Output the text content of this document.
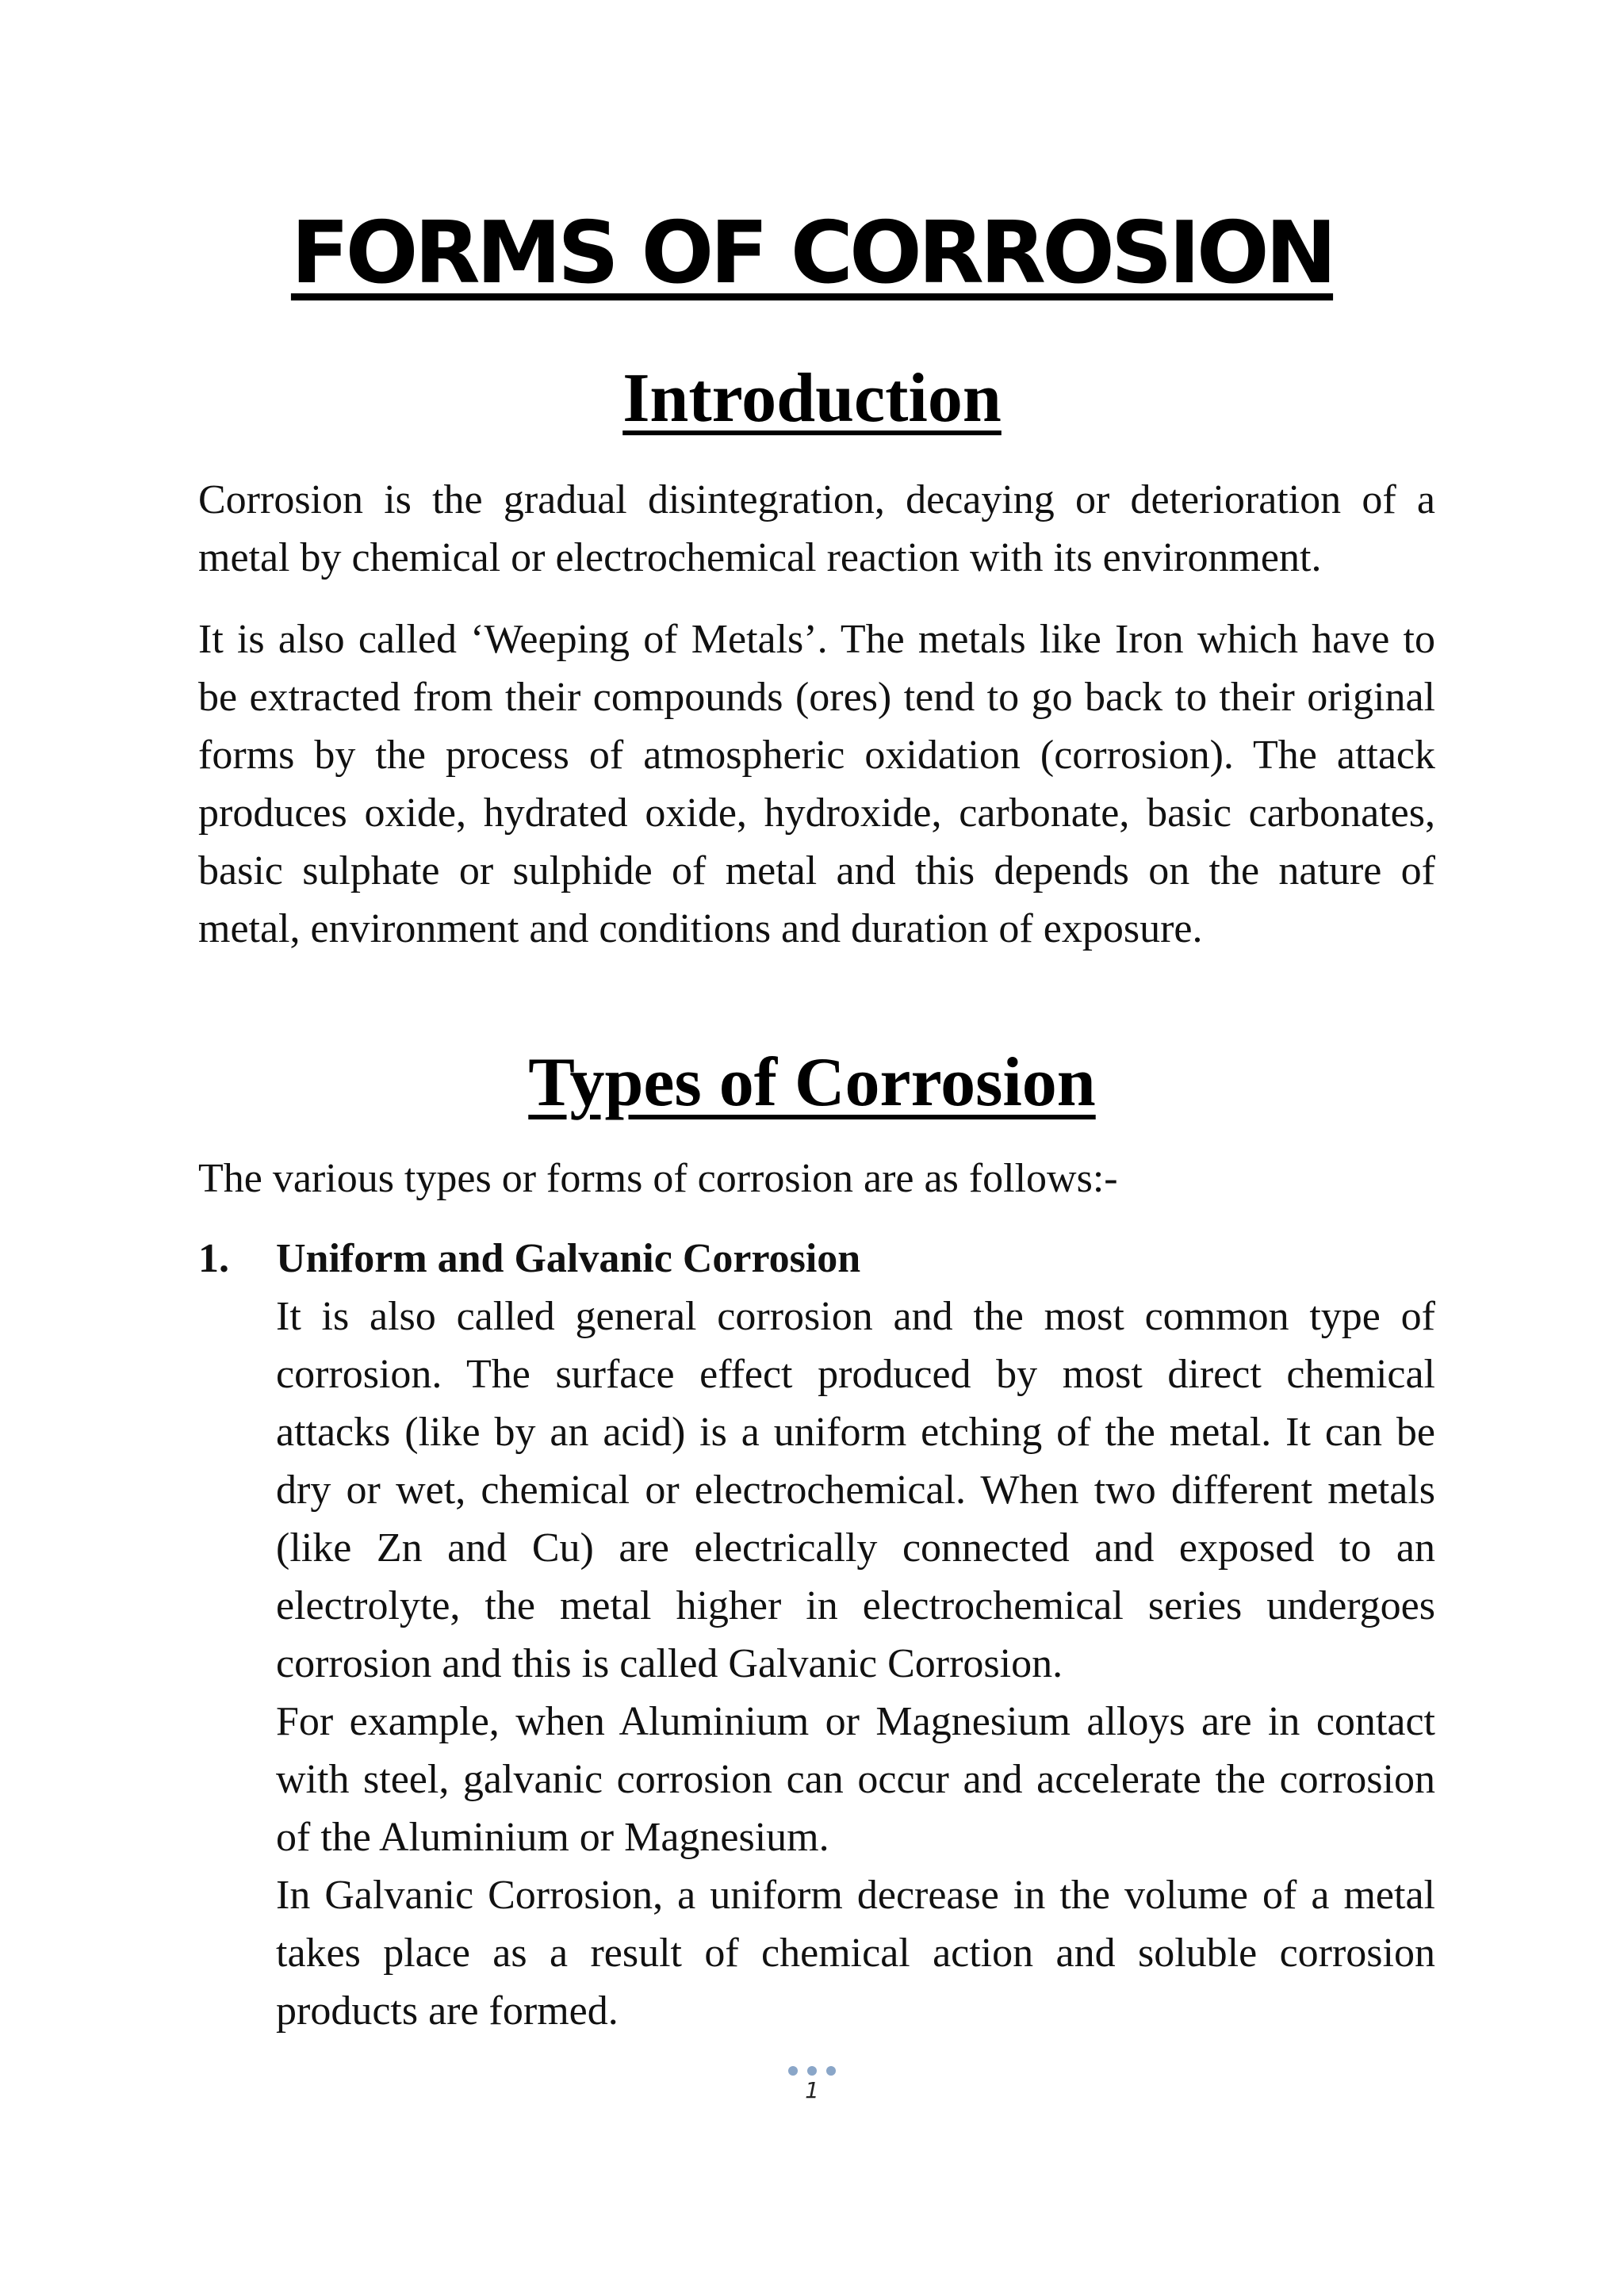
FORMS OF CORROSION
Introduction

Corrosion is the gradual disintegration, decaying or deterioration of a metal by chemical or electrochemical reaction with its environment.

It is also called ‘Weeping of Metals’. The metals like Iron which have to be extracted from their compounds (ores) tend to go back to their original forms by the process of atmospheric oxidation (corrosion). The attack produces oxide, hydrated oxide, hydroxide, carbonate, basic carbonates, basic sulphate or sulphide of metal and this depends on the nature of metal, environment and conditions and duration of exposure.

Types of Corrosion

The various types or forms of corrosion are as follows:-

1. Uniform and Galvanic Corrosion

It is also called general corrosion and the most common type of corrosion. The surface effect produced by most direct chemical attacks (like by an acid) is a uniform etching of the metal. It can be dry or wet, chemical or electrochemical. When two different metals (like Zn and Cu) are electrically connected and exposed to an electrolyte, the metal higher in electrochemical series undergoes corrosion and this is called Galvanic Corrosion.

For example, when Aluminium or Magnesium alloys are in contact with steel, galvanic corrosion can occur and accelerate the corrosion of the Aluminium or Magnesium.

In Galvanic Corrosion, a uniform decrease in the volume of a metal takes place as a result of chemical action and soluble corrosion products are formed.

1
